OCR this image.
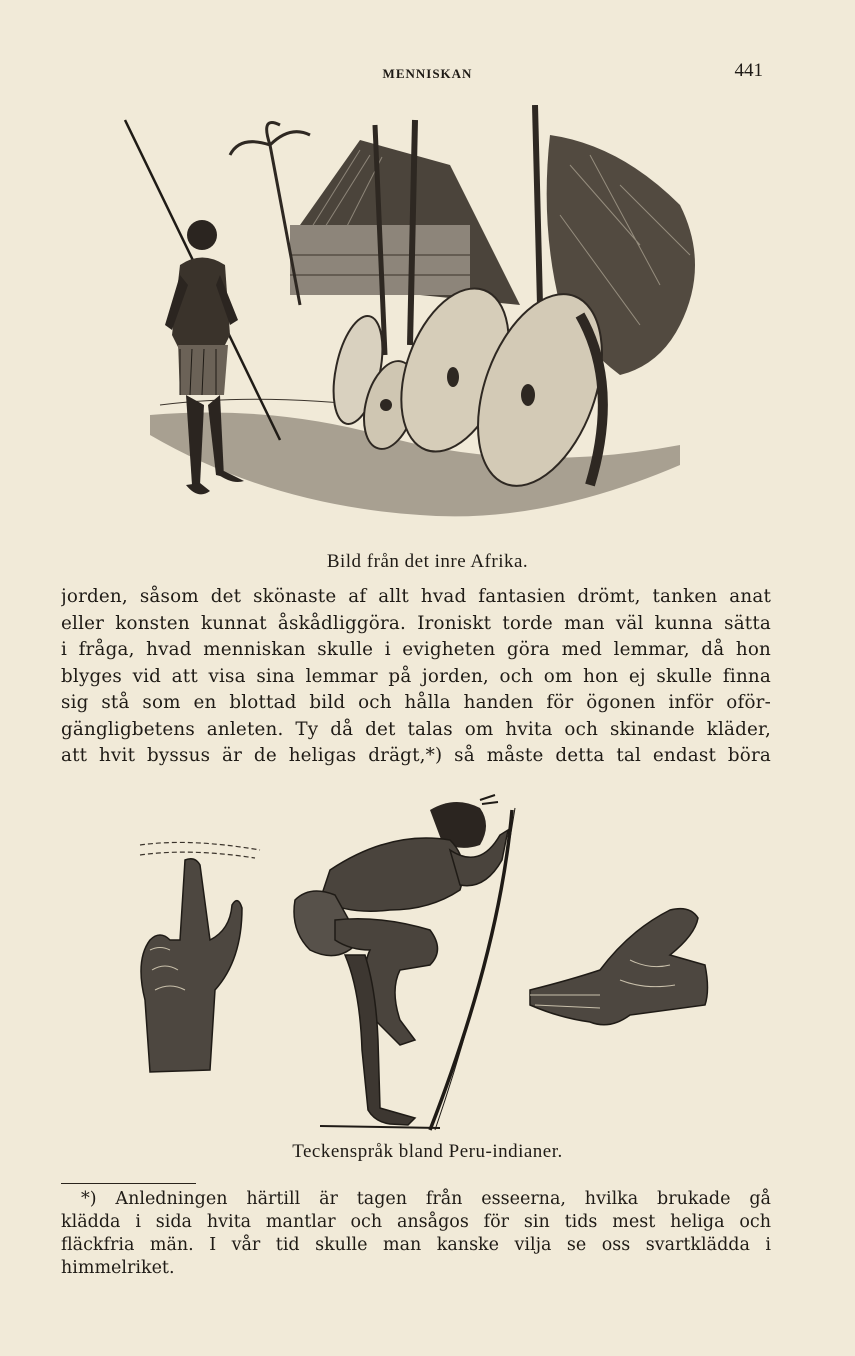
MENNISKAN	441
Bild från det inre Afrika.
jorden, såsom det skönaste af allt hvad fantasien drömt, tanken anat
eller konsten kunnat åskådliggöra. Ironiskt torde man väl kunna sätta
i fråga, hvad menniskan skulle i evigheten göra med lemmar, då hon
blyges vid att visa sina lemmar på jorden, och om hon ej skulle finna
sig stå som en blottad bild och hålla handen för ögonen inför oför-
gängligbetens anleten. Ty då det talas om hvita och skinande kläder,
att hvit byssus är de heligas drägt,*) så måste detta tal endast böra
Teckenspråk bland Peru-indianer.
*) Anledningen härtill är tagen från esseerna, hvilka brukade gå
klädda i sida hvita mantlar och ansågos för sin tids mest heliga och
fläckfria män. I vår tid skulle man kanske vilja se oss svartklädda i
himmelriket.
